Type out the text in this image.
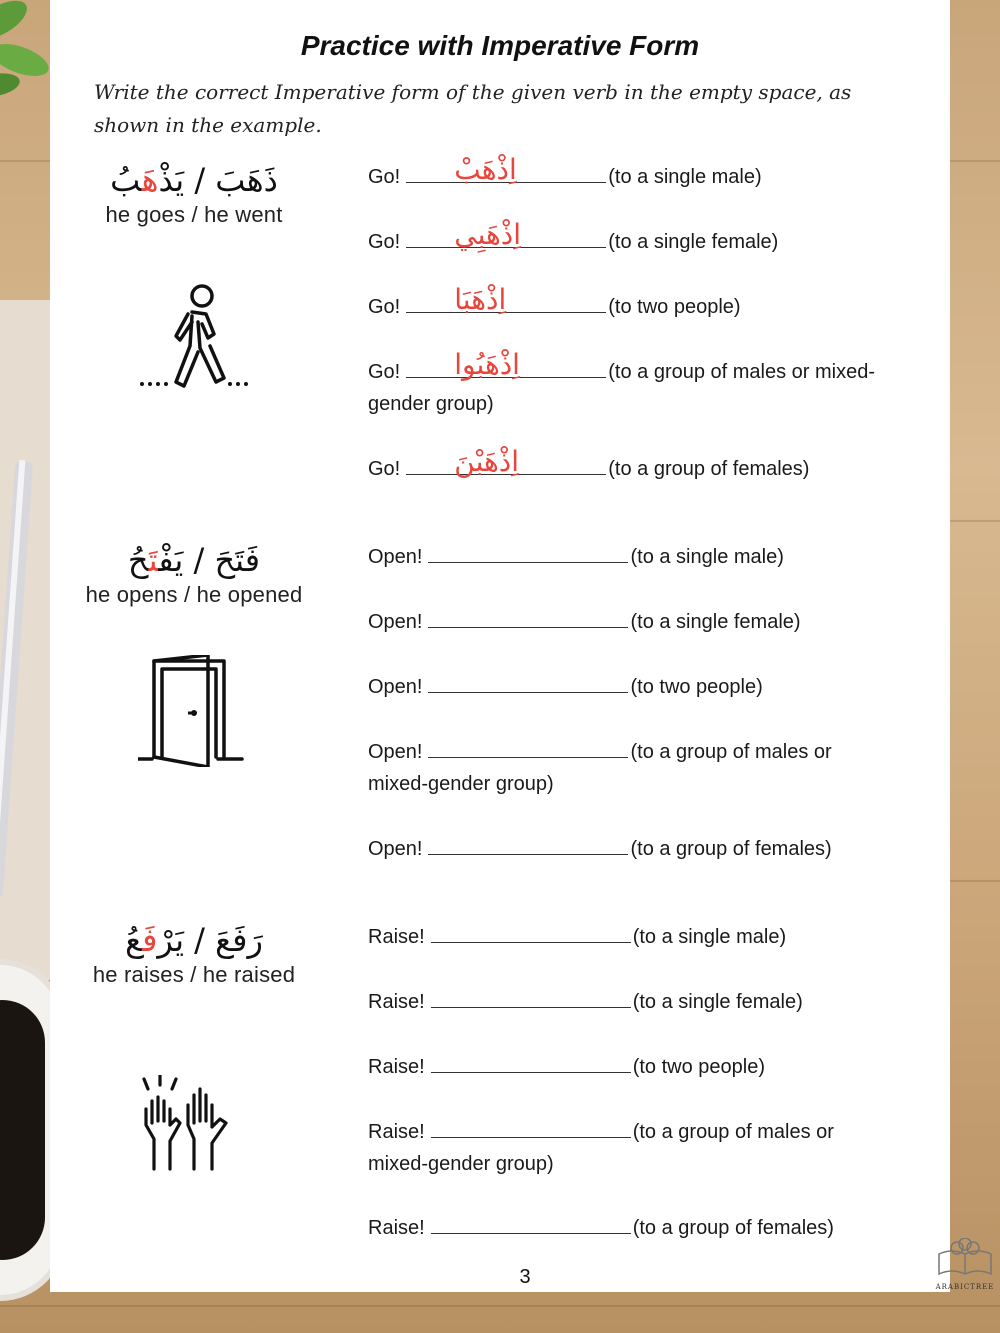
Practice with Imperative Form
Write the correct Imperative form of the given verb in the empty space, as shown in the example.
ذَهَبَ / يَذْهَبُ
he goes / he went
Go! اِذْهَبْ	(to a single male)
Go! اِذْهَبِي	(to a single female)
Go! اِذْهَبَا	(to two people)
Go! اِذْهَبُوا	(to a group of males or mixed-
gender group)
Go! اِذْهَبْنَ	(to a group of females)
فَتَحَ / يَفْتَحُ
he opens / he opened
Open!	(to a single male)
Open!	(to a single female)
Open!	(to two people)
Open!	(to a group of males or
mixed-gender group)
Open!	(to a group of females)
رَفَعَ / يَرْفَعُ
he raises / he raised
Raise!	(to a single male)
Raise!	(to a single female)
Raise!	(to two people)
Raise!	(to a group of males or
mixed-gender group)
Raise!	(to a group of females)
3	ARABICTREE
